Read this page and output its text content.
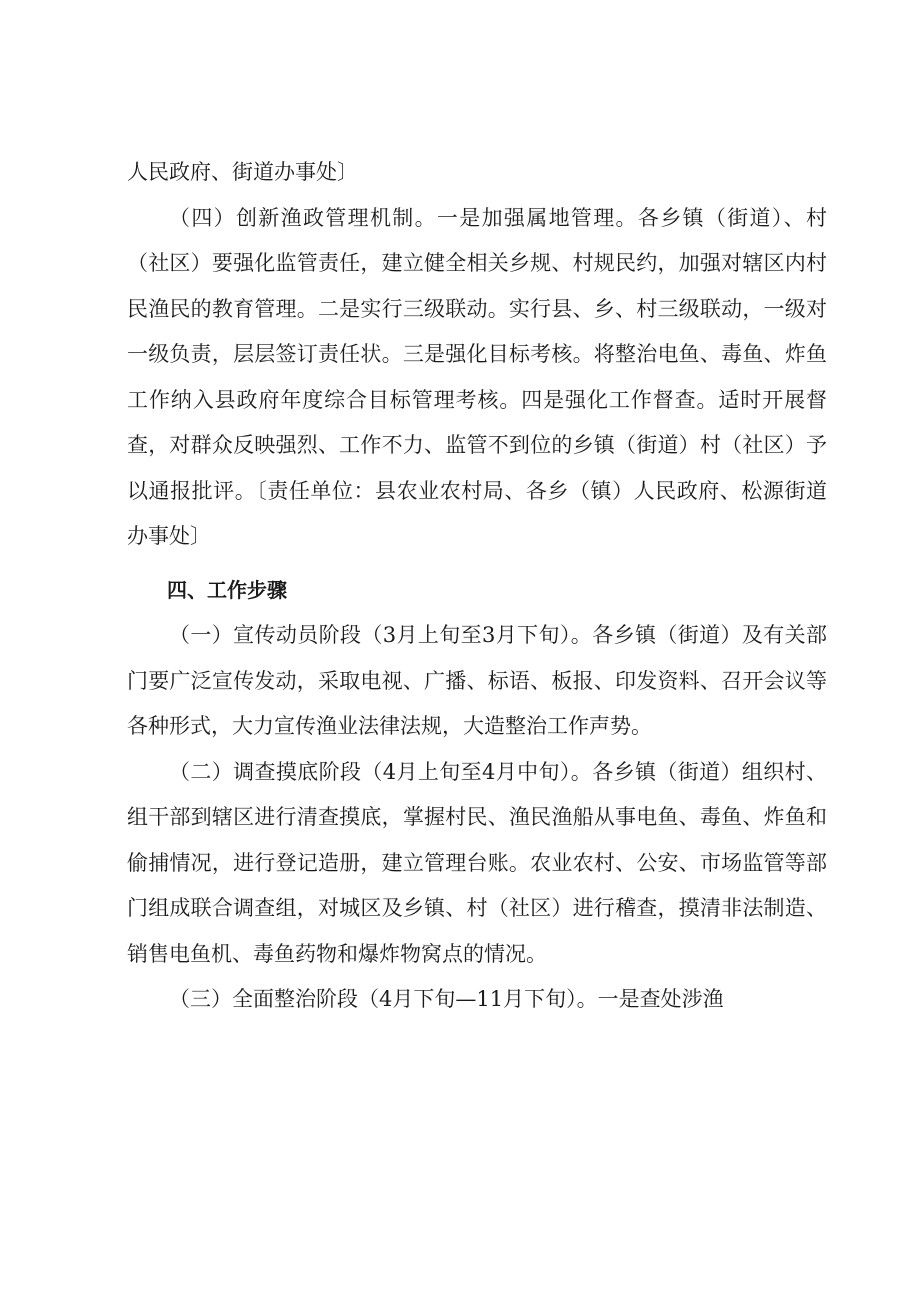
人民政府、街道办事处〕

（四）创新渔政管理机制。一是加强属地管理。各乡镇（街道）、村（社区）要强化监管责任，建立健全相关乡规、村规民约，加强对辖区内村民渔民的教育管理。二是实行三级联动。实行县、乡、村三级联动，一级对一级负责，层层签订责任状。三是强化目标考核。将整治电鱼、毒鱼、炸鱼工作纳入县政府年度综合目标管理考核。四是强化工作督查。适时开展督查，对群众反映强烈、工作不力、监管不到位的乡镇（街道）村（社区）予以通报批评。〔责任单位：县农业农村局、各乡（镇）人民政府、松源街道办事处〕

四、工作步骤

（一）宣传动员阶段（3月上旬至3月下旬）。各乡镇（街道）及有关部门要广泛宣传发动，采取电视、广播、标语、板报、印发资料、召开会议等各种形式，大力宣传渔业法律法规，大造整治工作声势。

（二）调查摸底阶段（4月上旬至4月中旬）。各乡镇（街道）组织村、组干部到辖区进行清查摸底，掌握村民、渔民渔船从事电鱼、毒鱼、炸鱼和偷捕情况，进行登记造册，建立管理台账。农业农村、公安、市场监管等部门组成联合调查组，对城区及乡镇、村（社区）进行稽查，摸清非法制造、销售电鱼机、毒鱼药物和爆炸物窝点的情况。

（三）全面整治阶段（4月下旬—11月下旬）。一是查处涉渔
